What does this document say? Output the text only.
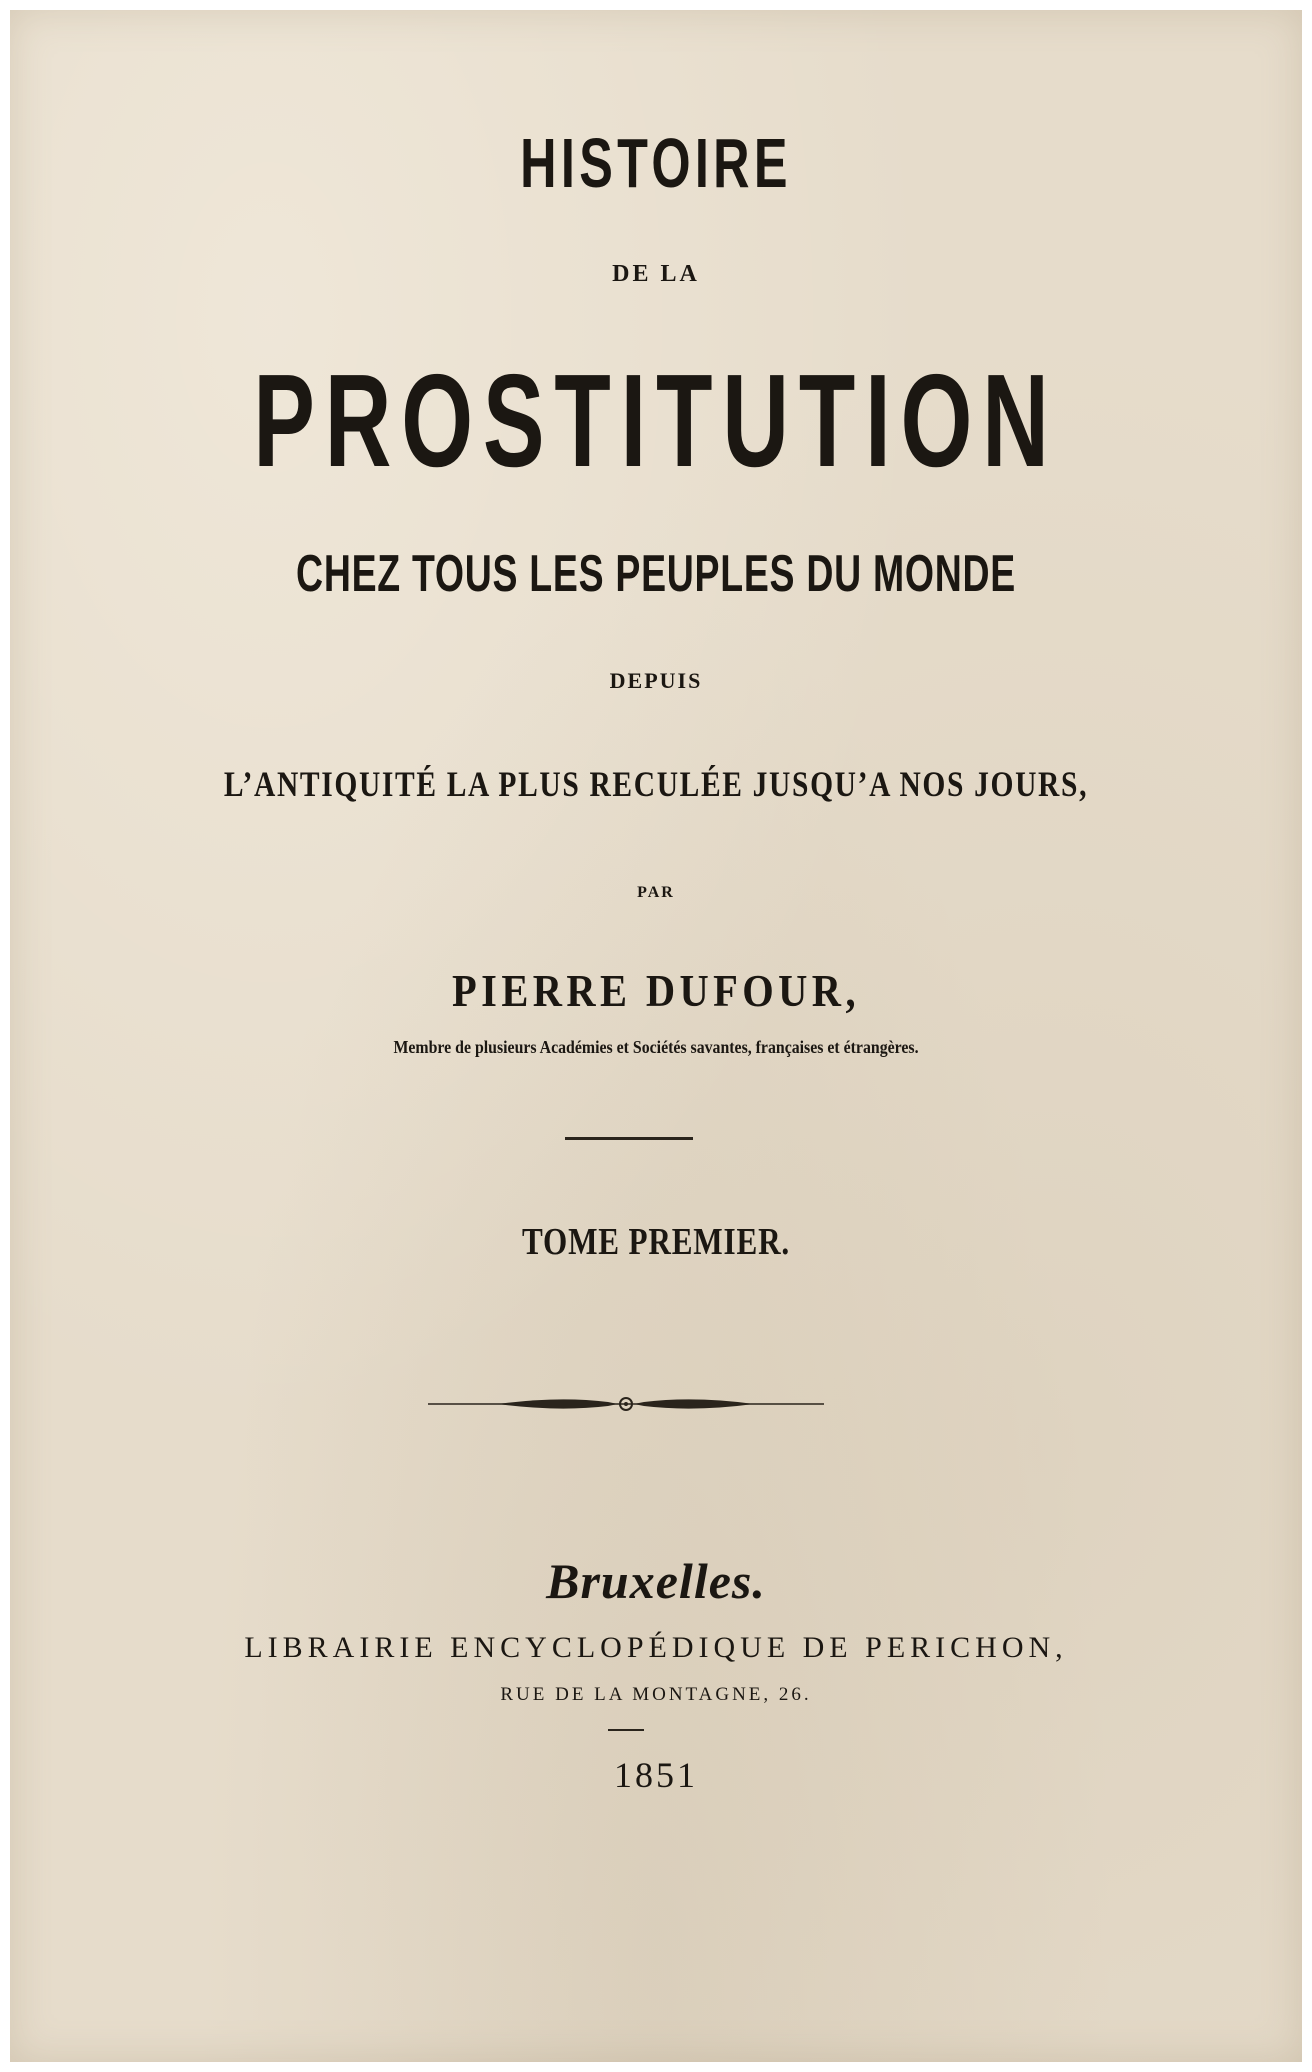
HISTOIRE
DE LA
PROSTITUTION
CHEZ TOUS LES PEUPLES DU MONDE
DEPUIS
L’ANTIQUITÉ LA PLUS RECULÉE JUSQU’A NOS JOURS,
PAR
PIERRE DUFOUR,
Membre de plusieurs Académies et Sociétés savantes, françaises et étrangères.
TOME PREMIER.
Bruxelles.
LIBRAIRIE ENCYCLOPÉDIQUE DE PERICHON,
RUE DE LA MONTAGNE, 26.
1851
